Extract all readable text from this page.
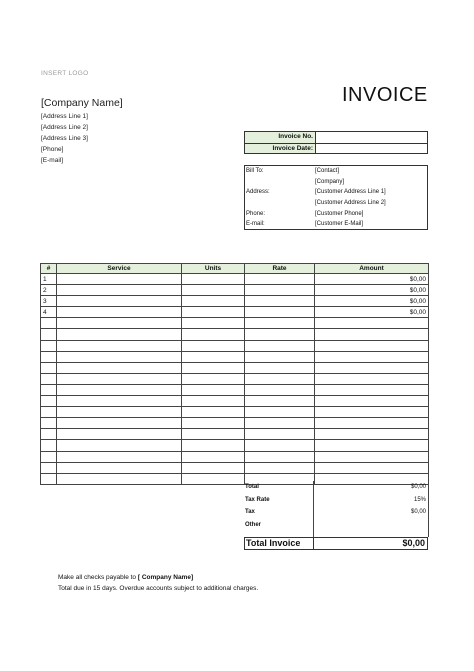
INSERT LOGO
[Company Name]
[Address Line 1]
[Address Line 2]
[Address Line 3]
[Phone]
[E-mail]
INVOICE
Invoice No.
Invoice Date:
Bill To:	[Contact]
[Company]
Address:	[Customer Address Line 1]
[Customer Address Line 2]
Phone:	[Customer Phone]
E-mail:	[Customer E-Mail]
#	Service	Units	Rate	Amount
1				$0,00
2				$0,00
3				$0,00
4				$0,00

Total	$0,00
Tax Rate	15%
Tax	$0,00
Other
Total Invoice	$0,00
Make all checks payable to [ Company Name]
Total due in 15 days. Overdue accounts subject to additional charges.
